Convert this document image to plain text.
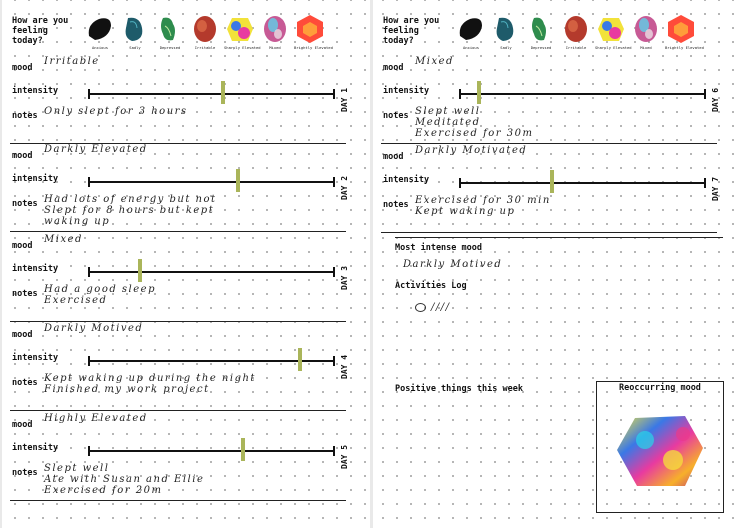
How are you feeling today?
Anxious	Sadly	Depressed	Irritable	Sharply Elevated	Mixed	Brightly Elevated
mood
Irritable
intensity	DAY 1
notes Only slept for 3 hours
mood
Darkly Elevated
intensity	DAY 2
notes Had lots of energy but not
Slept for 8 hours but kept
waking up
mood
Mixed
intensity	DAY 3
notes Had a good sleep
Exercised
mood
Darkly Motived
intensity	DAY 4
notes Kept waking up during the night
Finished my work project
mood
Highly Elevated
intensity	DAY 5
notes Slept well
Ate with Susan and Ellie
Exercised for 20m
How are you feeling today?
Anxious	Sadly	Depressed	Irritable	Sharply Elevated	Mixed	Brightly Elevated
Most intense mood
Darkly Motived
Activities Log
////
Positive things this week	Reoccurring mood
mood
Mixed
intensity	DAY 6
notes Slept well
Meditated
Exercised for 30m
mood
Darkly Motivated
intensity	DAY 7
notes Exercised for 30 min
Kept waking up
